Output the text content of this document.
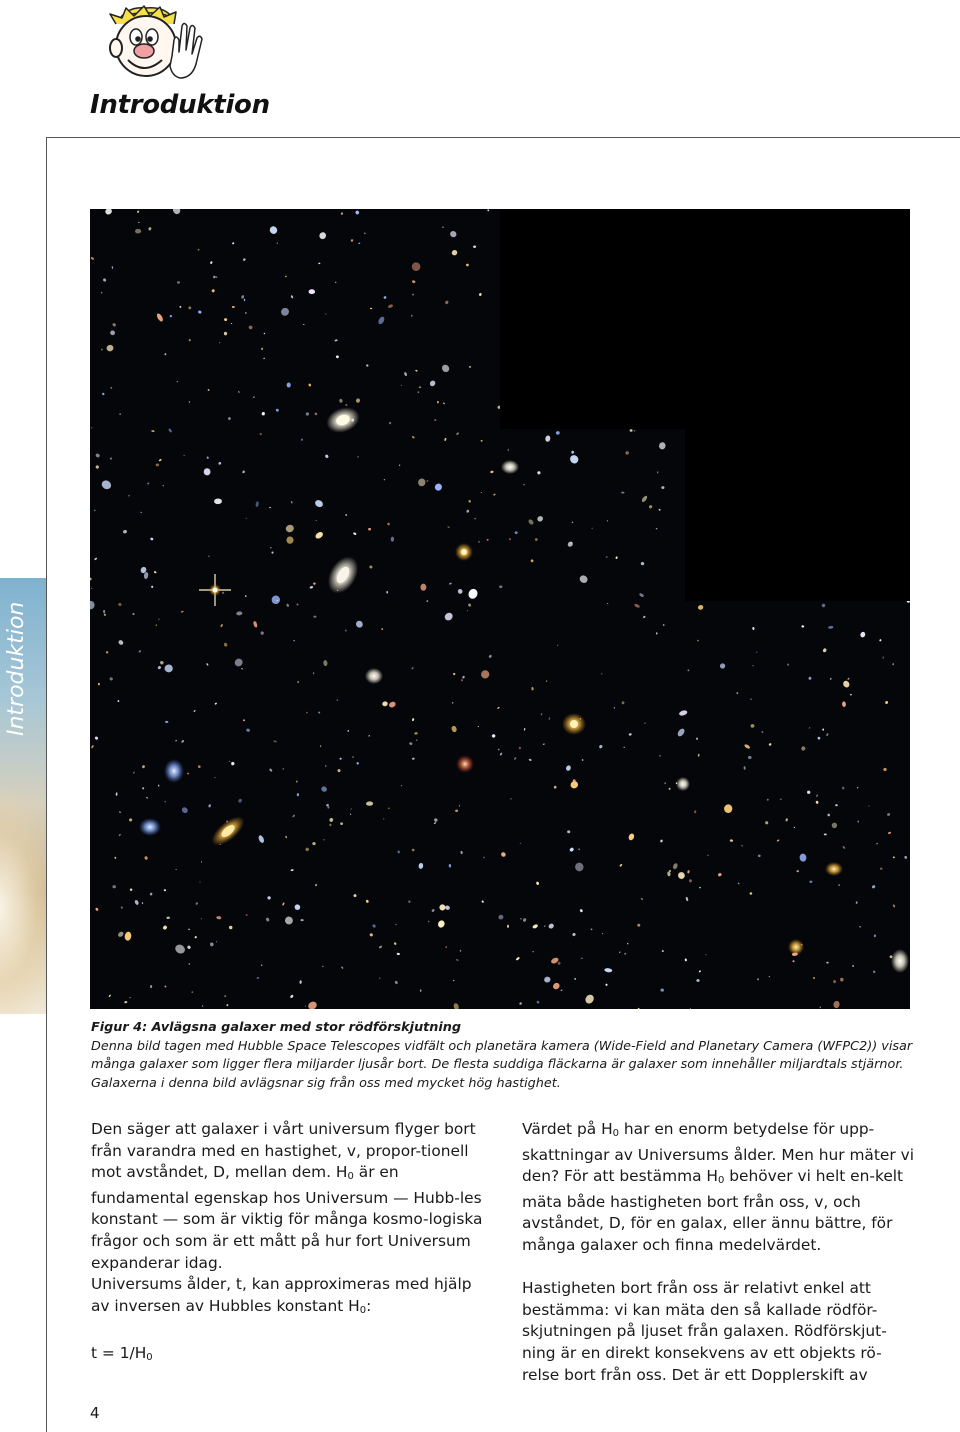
Introduktion
Introduktion
Figur 4: Avlägsna galaxer med stor rödförskjutning
Denna bild tagen med Hubble Space Telescopes vidfält och planetära kamera (Wide-Field and Planetary Camera (WFPC2)) visar många galaxer som ligger flera miljarder ljusår bort. De flesta suddiga fläckarna är galaxer som innehåller miljardtals stjärnor. Galaxerna i denna bild avlägsnar sig från oss med mycket hög hastighet.

Den säger att galaxer i vårt universum flyger bort från varandra med en hastighet, v, propor-tionell mot avståndet, D, mellan dem. $H_0$ är en fundamental egenskap hos Universum — Hubb-les konstant — som är viktig för många kosmo-logiska frågor och som är ett mått på hur fort Universum expanderar idag.

Universums ålder, t, kan approximeras med hjälp av inversen av Hubbles konstant $H_0$:

$t = 1/H_0$

Värdet på $H_0$ har en enorm betydelse för upp-skattningar av Universums ålder. Men hur mäter vi den? För att bestämma $H_0$ behöver vi helt en-kelt mäta både hastigheten bort från oss, v, och avståndet, D, för en galax, eller ännu bättre, för många galaxer och finna medelvärdet.

Hastigheten bort från oss är relativt enkel att bestämma: vi kan mäta den så kallade rödför-skjutningen på ljuset från galaxen. Rödförskjut-ning är en direkt konsekvens av ett objekts rö-relse bort från oss. Det är ett Dopplerskift av

4
